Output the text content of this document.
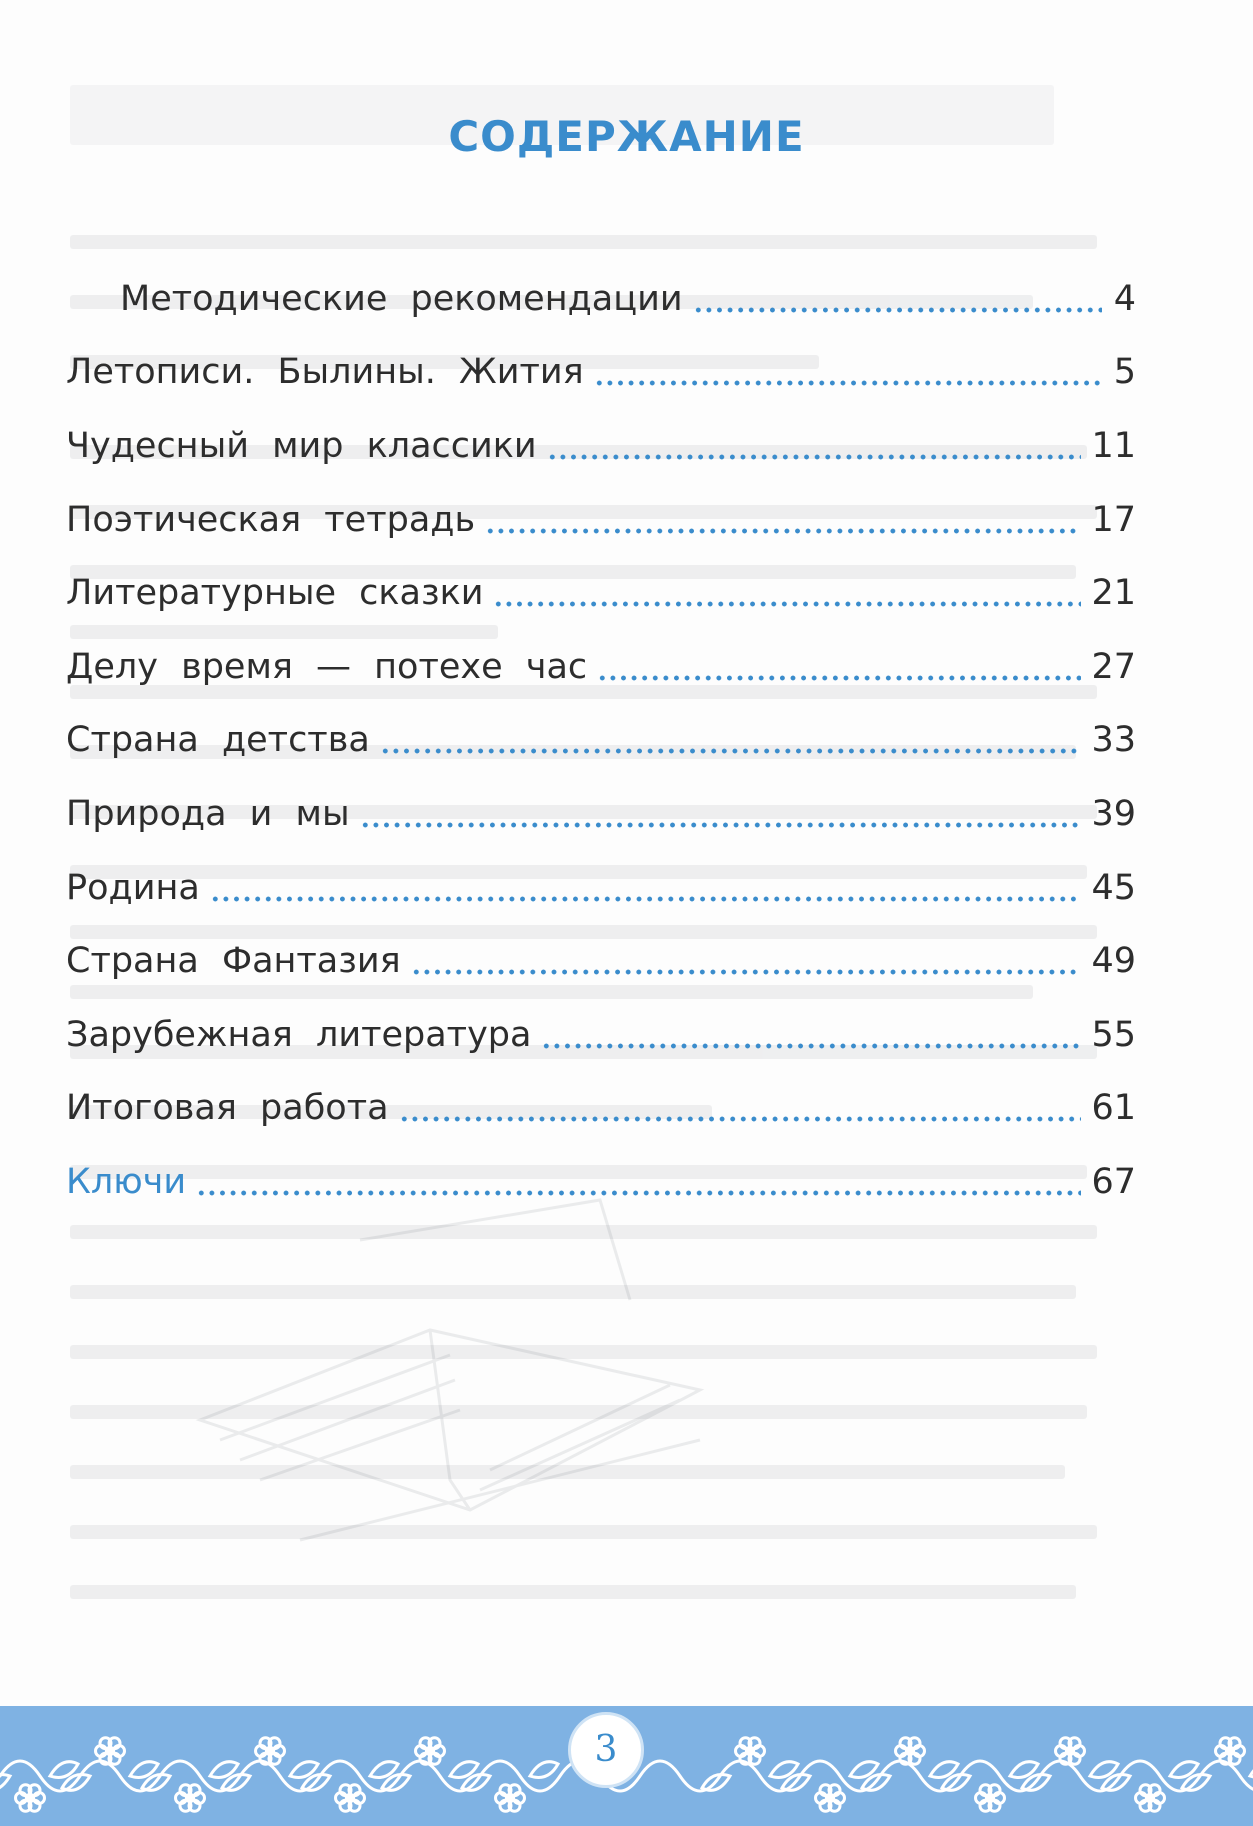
СОДЕРЖАНИЕ
Методические рекомендации	4
Летописи. Былины. Жития	5
Чудесный мир классики	11
Поэтическая тетрадь	17
Литературные сказки	21
Делу время — потехе час	27
Страна детства	33
Природа и мы	39
Родина	45
Страна Фантазия	49
Зарубежная литература	55
Итоговая работа	61
Ключи	67
3
